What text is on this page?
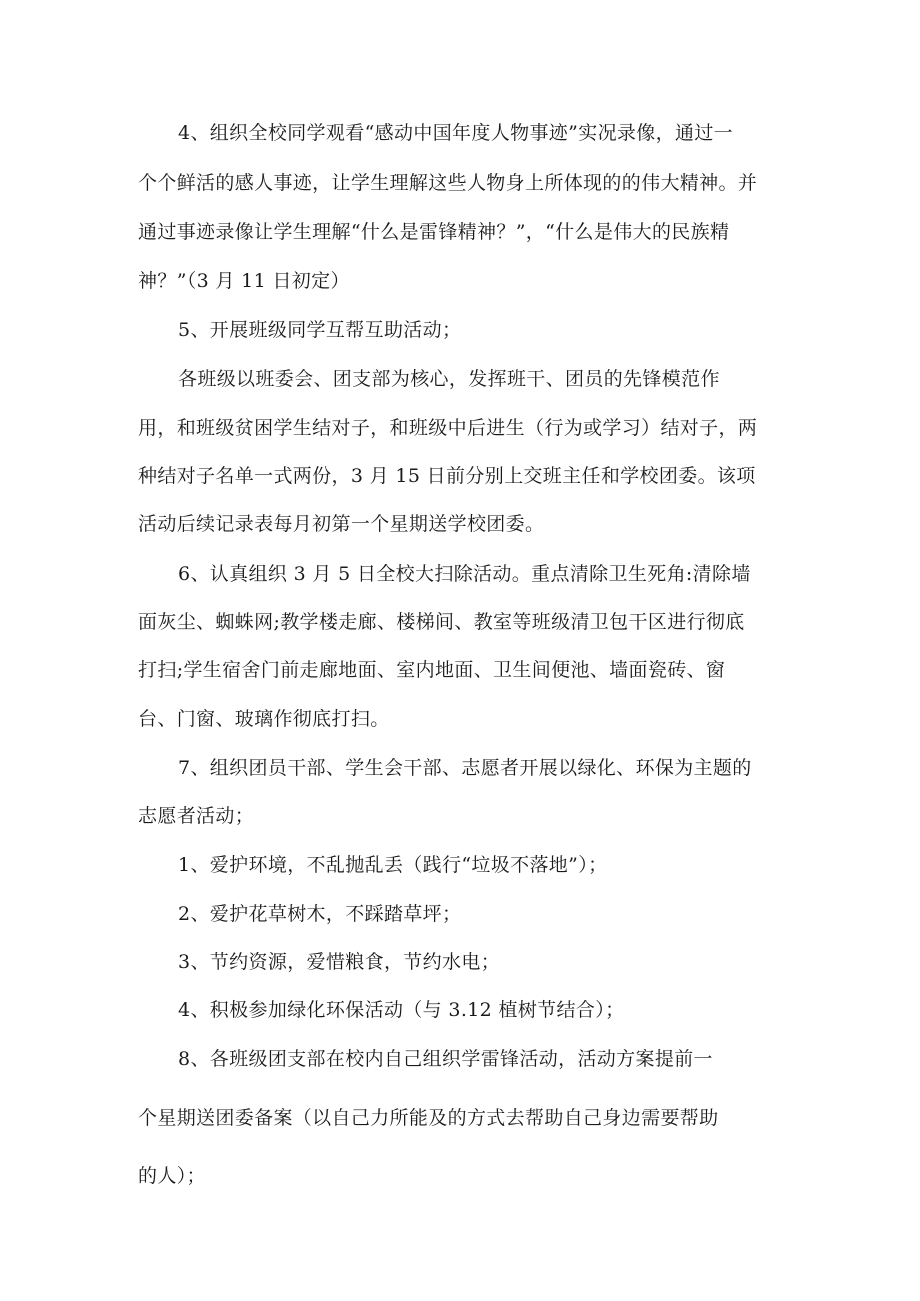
4、组织全校同学观看“感动中国年度人物事迹”实况录像，通过一
个个鲜活的感人事迹，让学生理解这些人物身上所体现的的伟大精神。并
通过事迹录像让学生理解“什么是雷锋精神？”，“什么是伟大的民族精
神？”（3 月 11 日初定）
5、开展班级同学互帮互助活动；
各班级以班委会、团支部为核心，发挥班干、团员的先锋模范作
用，和班级贫困学生结对子，和班级中后进生（行为或学习）结对子，两
种结对子名单一式两份，3 月 15 日前分别上交班主任和学校团委。该项
活动后续记录表每月初第一个星期送学校团委。
6、认真组织 3 月 5 日全校大扫除活动。重点清除卫生死角:清除墙
面灰尘、蜘蛛网;教学楼走廊、楼梯间、教室等班级清卫包干区进行彻底
打扫;学生宿舍门前走廊地面、室内地面、卫生间便池、墙面瓷砖、窗
台、门窗、玻璃作彻底打扫。
7、组织团员干部、学生会干部、志愿者开展以绿化、环保为主题的
志愿者活动；
1、爱护环境，不乱抛乱丢（践行“垃圾不落地”）；
2、爱护花草树木，不踩踏草坪；
3、节约资源，爱惜粮食，节约水电；
4、积极参加绿化环保活动（与 3.12 植树节结合）；
8、各班级团支部在校内自己组织学雷锋活动，活动方案提前一
个星期送团委备案（以自己力所能及的方式去帮助自己身边需要帮助
的人）；
